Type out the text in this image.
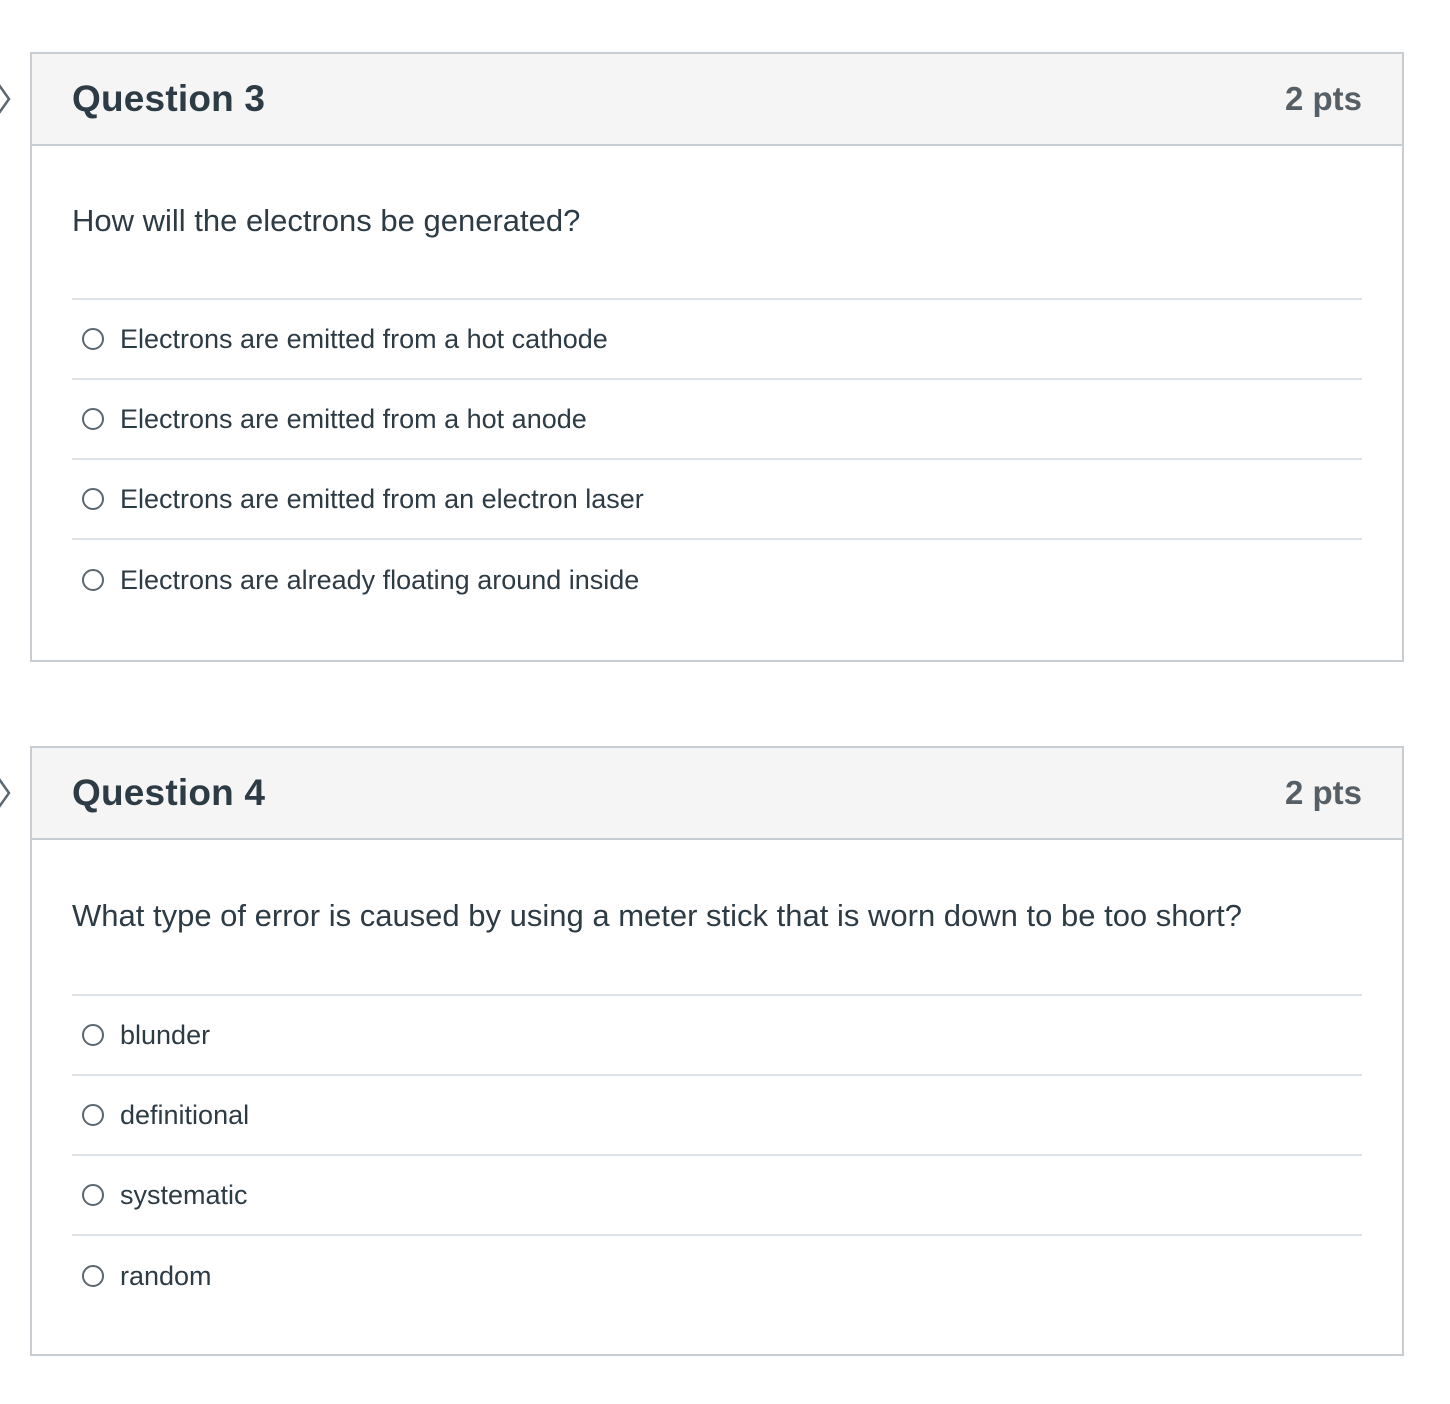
Question 3	2 pts
How will the electrons be generated?
Electrons are emitted from a hot cathode
Electrons are emitted from a hot anode
Electrons are emitted from an electron laser
Electrons are already floating around inside
Question 4	2 pts
What type of error is caused by using a meter stick that is worn down to be too short?
blunder
definitional
systematic
random
